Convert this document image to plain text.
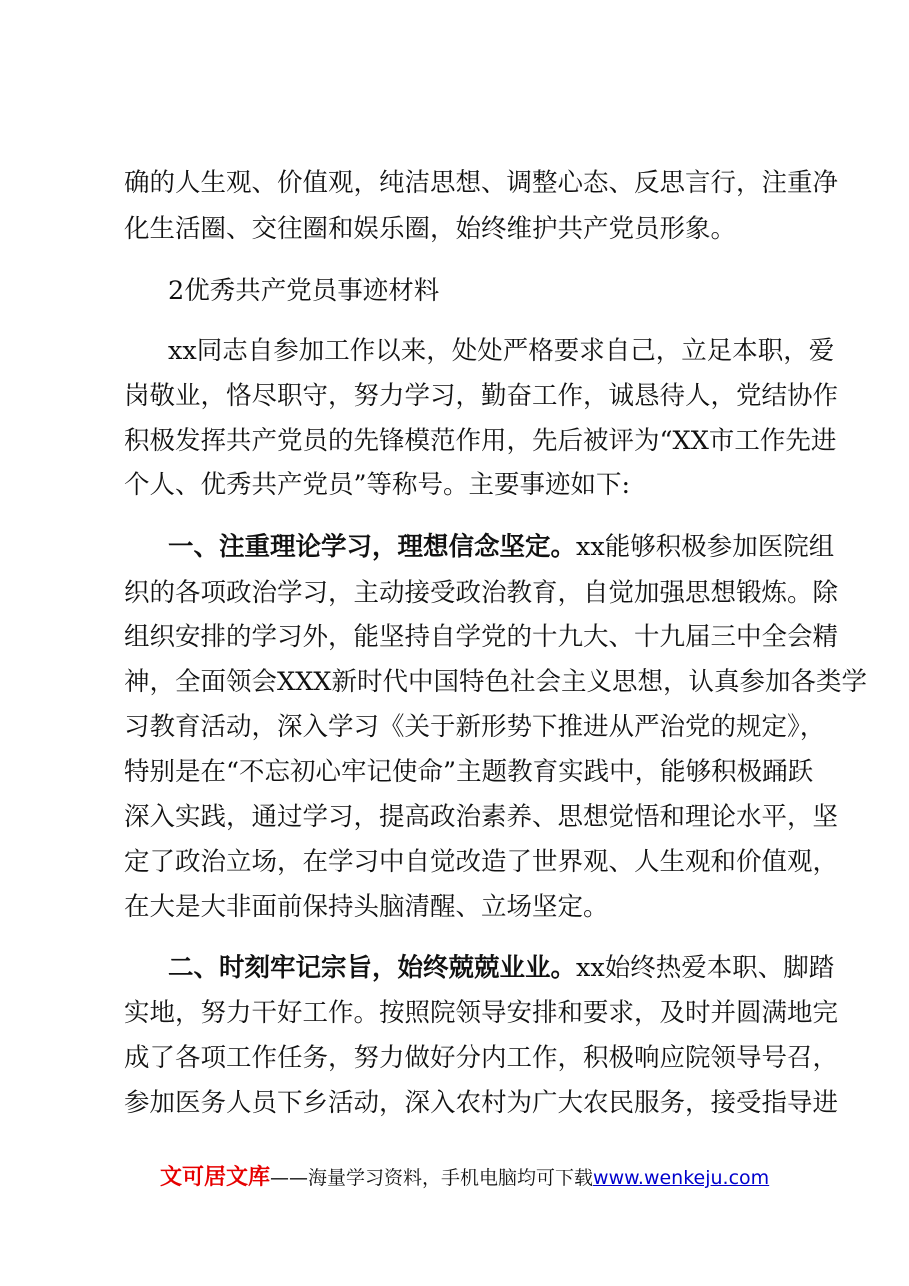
确的人生观、价值观，纯洁思想、调整心态、反思言行，注重净
化生活圈、交往圈和娱乐圈，始终维护共产党员形象。
2优秀共产党员事迹材料
xx同志自参加工作以来，处处严格要求自己，立足本职，爱
岗敬业，恪尽职守，努力学习，勤奋工作，诚恳待人，党结协作
积极发挥共产党员的先锋模范作用，先后被评为“XX市工作先进
个人、优秀共产党员”等称号。主要事迹如下:
一、注重理论学习，理想信念坚定。xx能够积极参加医院组
织的各项政治学习，主动接受政治教育，自觉加强思想锻炼。除
组织安排的学习外，能坚持自学党的十九大、十九届三中全会精
神，全面领会XXX新时代中国特色社会主义思想，认真参加各类学
习教育活动，深入学习《关于新形势下推进从严治党的规定》，
特别是在“不忘初心牢记使命”主题教育实践中，能够积极踊跃
深入实践，通过学习，提高政治素养、思想觉悟和理论水平，坚
定了政治立场，在学习中自觉改造了世界观、人生观和价值观，
在大是大非面前保持头脑清醒、立场坚定。
二、时刻牢记宗旨，始终兢兢业业。xx始终热爱本职、脚踏
实地，努力干好工作。按照院领导安排和要求，及时并圆满地完
成了各项工作任务，努力做好分内工作，积极响应院领导号召，
参加医务人员下乡活动，深入农村为广大农民服务，接受指导进
文可居文库——海量学习资料，手机电脑均可下载www.wenkeju.com
